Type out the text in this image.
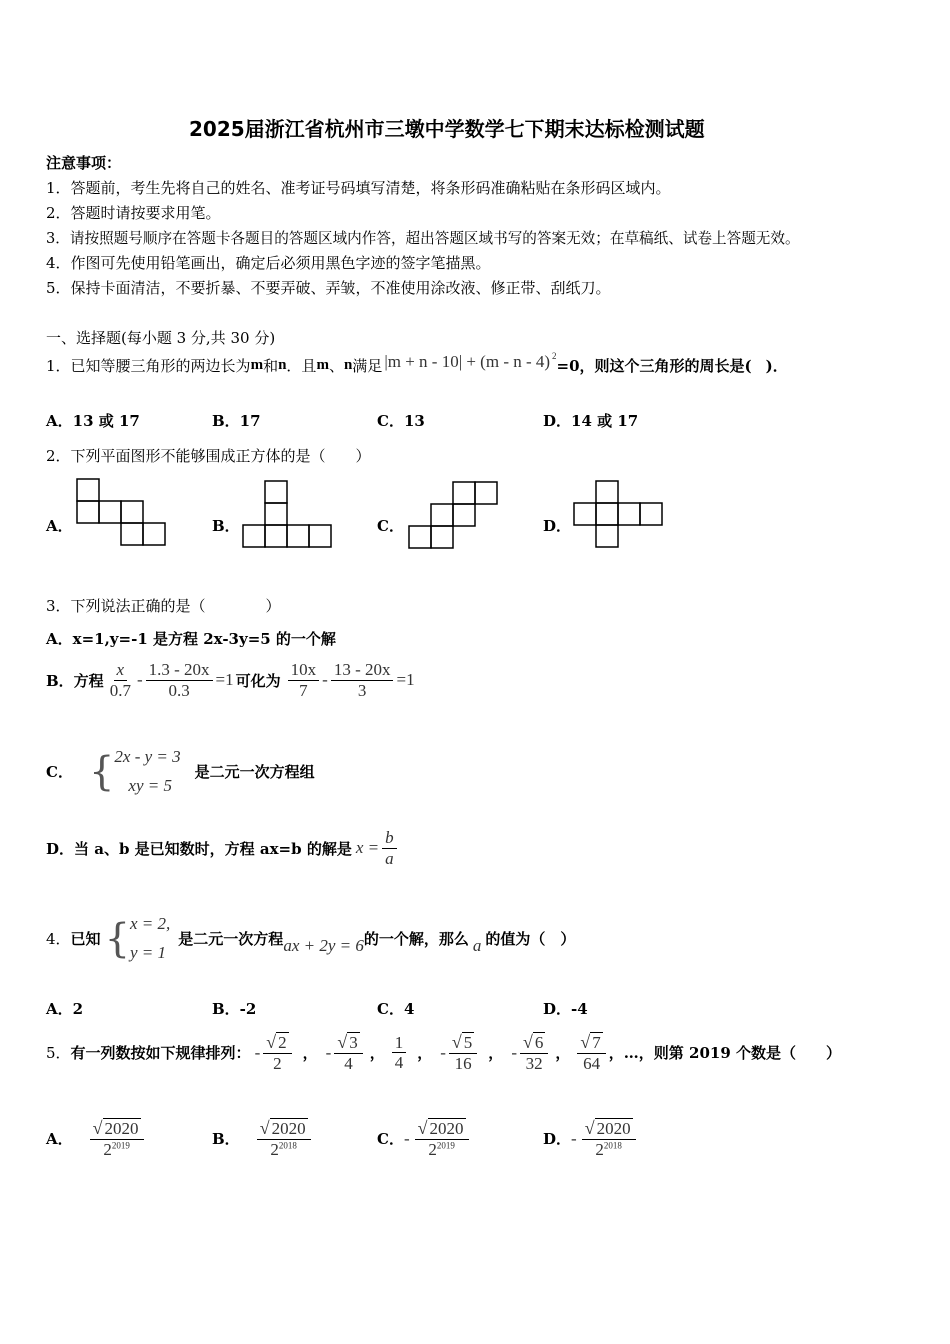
2025届浙江省杭州市三墩中学数学七下期末达标检测试题
注意事项：
1．答题前，考生先将自己的姓名、准考证号码填写清楚，将条形码准确粘贴在条形码区域内。
2．答题时请按要求用笔。
3．请按照题号顺序在答题卡各题目的答题区域内作答，超出答题区域书写的答案无效；在草稿纸、试卷上答题无效。
4．作图可先使用铅笔画出，确定后必须用黑色字迹的签字笔描黑。
5．保持卡面清洁，不要折暴、不要弄破、弄皱，不准使用涂改液、修正带、刮纸刀。
一、选择题(每小题 3 分,共 30 分)
1． 已知等腰三角形的两边长为 m 和 n ．且 m 、 n 满足 |m + n - 10| + (m - n - 4)$^2$
=0，则这个三角形的周长是( )．
A．13 或 17	B．17	C．13	D．14 或 17
2．下列平面图形不能够围成正方体的是（　　）
A．	B．	C．	D．
3．下列说法正确的是（　　　　）
A．x=1,y=-1 是方程 2x-3y=5 的一个解
B．方程 $\frac{x}{0.7} - \frac{1.3 - 20x}{0.3} =1$ 可化为 $\frac{10x}{7} - \frac{13 - 20x}{3} =1$
C． { 2x - y = 3
xy = 5
是二元一次方程组
D．当 a、b 是已知数时，方程 ax=b 的解是 $x = \frac{b}{a}$
4． 已知 { x = 2,
y = 1
是二元一次方程 ax + 2y = 6 的一个解，那么 a 的值为（　）
A．2	B．-2	C．4	D．-4
5． 有一列数按如下规律排列： - $\frac{√ 2}{2}$ ， - $\frac{√ 3}{4}$ ， $\frac{1}{4}$ ， - $\frac{√ 5}{16}$ ， - $\frac{√ 6}{32}$ ， $\frac{√ 7}{64}$ ，…，则第 2019 个数是（　　）
A． $\frac{√ 2020}{2^{2019}}$	B． $\frac{√ 2020}{2^{2018}}$	C． - $\frac{√ 2020}{2^{2019}}$	D． - $\frac{√ 2020}{2^{2018}}$
